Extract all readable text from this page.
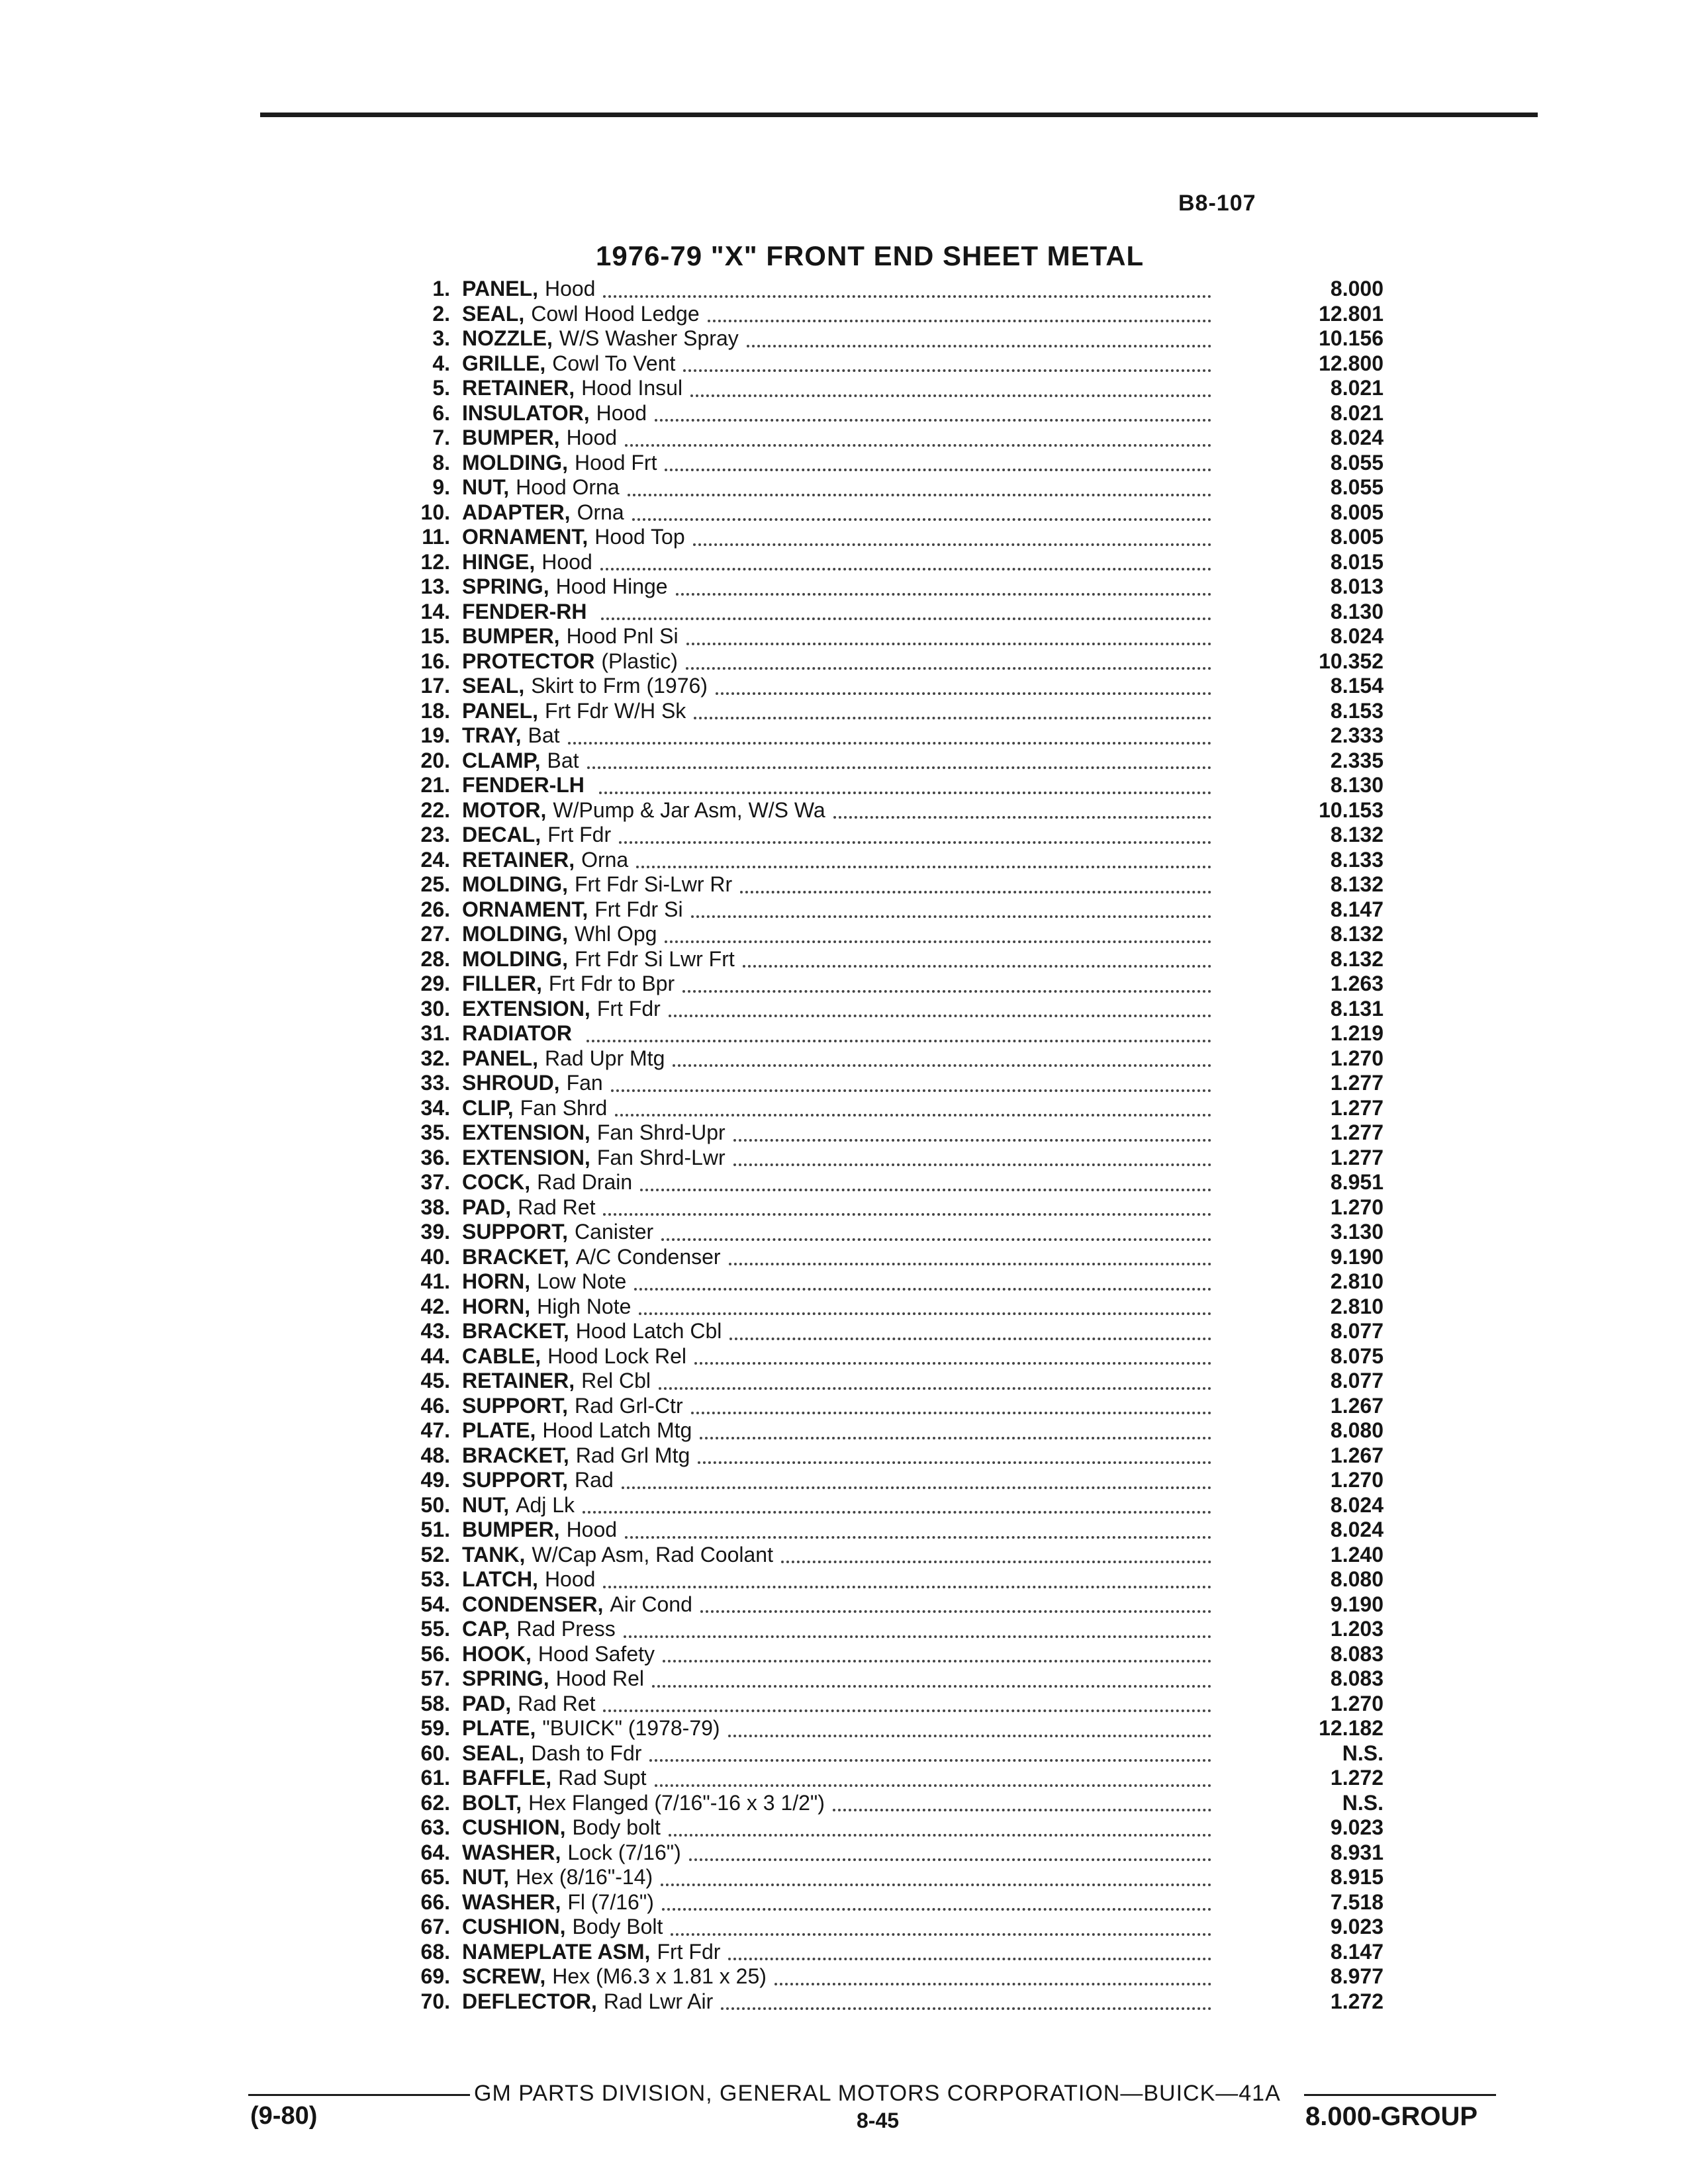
B8-107
1976-79 "X" FRONT END SHEET METAL
1. PANEL, Hood	8.000
2. SEAL, Cowl Hood Ledge	12.801
3. NOZZLE, W/S Washer Spray	10.156
4. GRILLE, Cowl To Vent	12.800
5. RETAINER, Hood Insul	8.021
6. INSULATOR, Hood	8.021
7. BUMPER, Hood	8.024
8. MOLDING, Hood Frt	8.055
9. NUT, Hood Orna	8.055
10. ADAPTER, Orna	8.005
11. ORNAMENT, Hood Top	8.005
12. HINGE, Hood	8.015
13. SPRING, Hood Hinge	8.013
14. FENDER-RH	8.130
15. BUMPER, Hood Pnl Si	8.024
16. PROTECTOR (Plastic)	10.352
17. SEAL, Skirt to Frm (1976)	8.154
18. PANEL, Frt Fdr W/H Sk	8.153
19. TRAY, Bat	2.333
20. CLAMP, Bat	2.335
21. FENDER-LH	8.130
22. MOTOR, W/Pump & Jar Asm, W/S Wa	10.153
23. DECAL, Frt Fdr	8.132
24. RETAINER, Orna	8.133
25. MOLDING, Frt Fdr Si-Lwr Rr	8.132
26. ORNAMENT, Frt Fdr Si	8.147
27. MOLDING, Whl Opg	8.132
28. MOLDING, Frt Fdr Si Lwr Frt	8.132
29. FILLER, Frt Fdr to Bpr	1.263
30. EXTENSION, Frt Fdr	8.131
31. RADIATOR	1.219
32. PANEL, Rad Upr Mtg	1.270
33. SHROUD, Fan	1.277
34. CLIP, Fan Shrd	1.277
35. EXTENSION, Fan Shrd-Upr	1.277
36. EXTENSION, Fan Shrd-Lwr	1.277
37. COCK, Rad Drain	8.951
38. PAD, Rad Ret	1.270
39. SUPPORT, Canister	3.130
40. BRACKET, A/C Condenser	9.190
41. HORN, Low Note	2.810
42. HORN, High Note	2.810
43. BRACKET, Hood Latch Cbl	8.077
44. CABLE, Hood Lock Rel	8.075
45. RETAINER, Rel Cbl	8.077
46. SUPPORT, Rad Grl-Ctr	1.267
47. PLATE, Hood Latch Mtg	8.080
48. BRACKET, Rad Grl Mtg	1.267
49. SUPPORT, Rad	1.270
50. NUT, Adj Lk	8.024
51. BUMPER, Hood	8.024
52. TANK, W/Cap Asm, Rad Coolant	1.240
53. LATCH, Hood	8.080
54. CONDENSER, Air Cond	9.190
55. CAP, Rad Press	1.203
56. HOOK, Hood Safety	8.083
57. SPRING, Hood Rel	8.083
58. PAD, Rad Ret	1.270
59. PLATE, "BUICK" (1978-79)	12.182
60. SEAL, Dash to Fdr	N.S.
61. BAFFLE, Rad Supt	1.272
62. BOLT, Hex Flanged (7/16"-16 x 3 1/2")	N.S.
63. CUSHION, Body bolt	9.023
64. WASHER, Lock (7/16")	8.931
65. NUT, Hex (8/16"-14)	8.915
66. WASHER, Fl (7/16")	7.518
67. CUSHION, Body Bolt	9.023
68. NAMEPLATE ASM, Frt Fdr	8.147
69. SCREW, Hex (M6.3 x 1.81 x 25)	8.977
70. DEFLECTOR, Rad Lwr Air	1.272
GM PARTS DIVISION, GENERAL MOTORS CORPORATION—BUICK—41A
(9-80)	8-45	8.000-GROUP
